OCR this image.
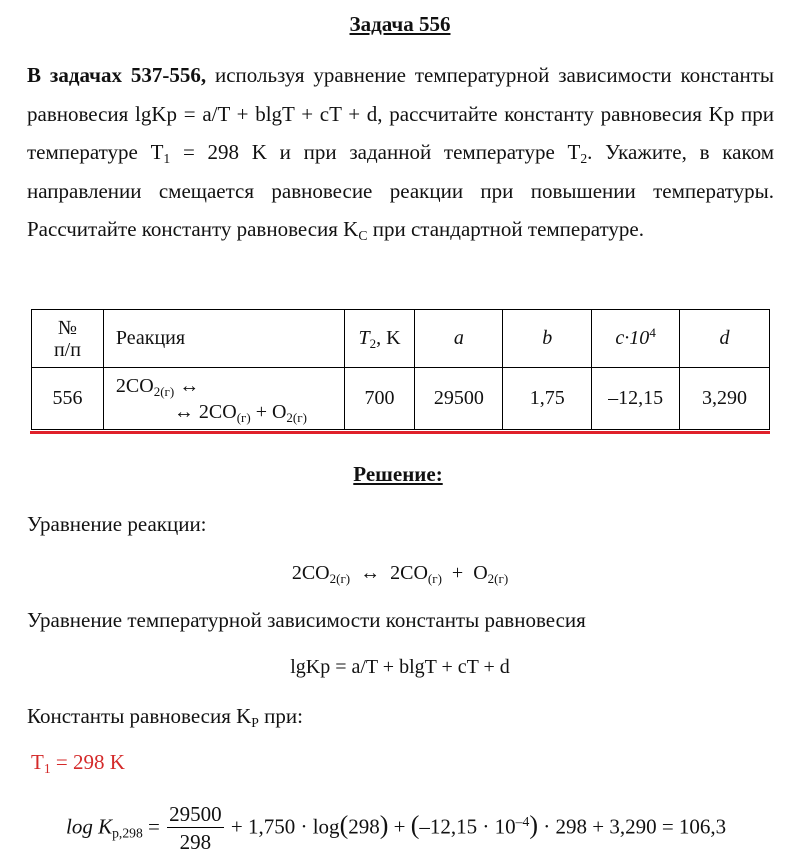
Задача 556
В задачах 537-556, используя уравнение температурной зависимости константы равновесия lgKp = a/T + blgT + cT + d, рассчитайте константу равновесия Kp при температуре $T_1 = 298$ K и при заданной температуре $T_2$. Укажите, в каком направлении смещается равновесие реакции при повышении температуры. Рассчитайте константу равновесия $K_C$ при стандартной температуре.
№
п/п	Реакция	$T_2$, K	a	b	$c\cdot 10^4$	d
556	$2CO_{2(г)}$ ↔
↔ $2CO_{(г)} + O_{2(г)}$	700	29500	1,75	–12,15	3,290
Решение:
Уравнение реакции:
$2CO_{2(г)}$  ↔  $2CO_{(г)} + O_{2(г)}$
Уравнение температурной зависимости константы равновесия
lgKp = a/T + blgT + cT + d
Константы равновесия $K_P$ при:
$T_1 = 298$ K
$\log K_{p,298} = \frac{29500}{298} + 1,750 \cdot \log(298) + (-12,15 \cdot 10^{-4}) \cdot 298 + 3,290 = 106,3$
